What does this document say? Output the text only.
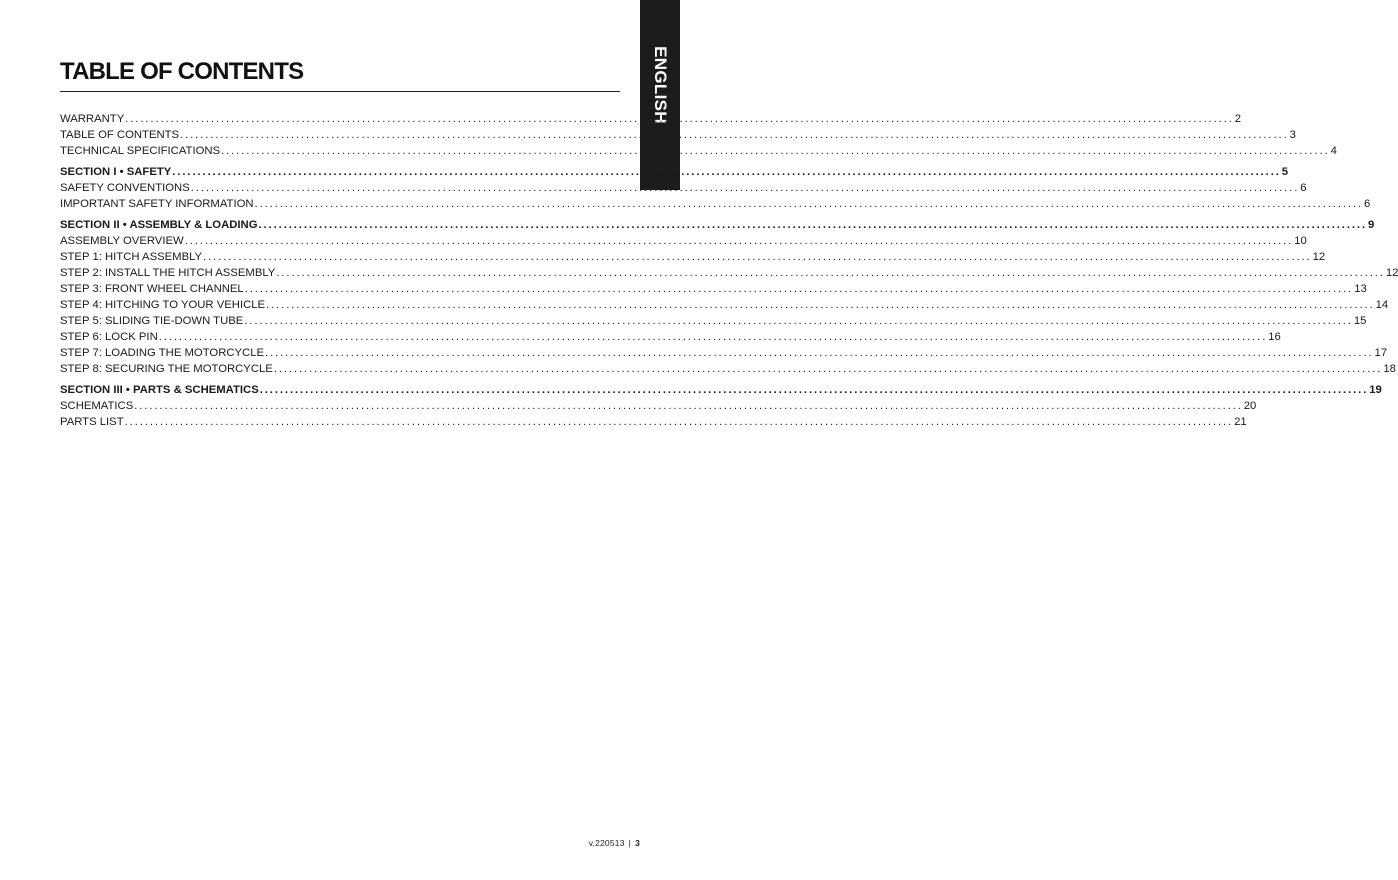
ENGLISH
TABLE OF CONTENTS
WARRANTY ............................................................................................................................................................................................................................ 2
TABLE OF CONTENTS ............................................................................................................................................................................................................................ 3
TECHNICAL SPECIFICATIONS ............................................................................................................................................................................................................................ 4
SECTION I • SAFETY ............................................................................................................................................................................................................................ 5
SAFETY CONVENTIONS ............................................................................................................................................................................................................................ 6
IMPORTANT SAFETY INFORMATION ............................................................................................................................................................................................................................ 6
SECTION II • ASSEMBLY & LOADING ............................................................................................................................................................................................................................ 9
ASSEMBLY OVERVIEW ............................................................................................................................................................................................................................ 10
STEP 1: HITCH ASSEMBLY ............................................................................................................................................................................................................................ 12
STEP 2: INSTALL THE HITCH ASSEMBLY ............................................................................................................................................................................................................................ 12
STEP 3: FRONT WHEEL CHANNEL ............................................................................................................................................................................................................................ 13
STEP 4: HITCHING TO YOUR VEHICLE ............................................................................................................................................................................................................................ 14
STEP 5: SLIDING TIE-DOWN TUBE ............................................................................................................................................................................................................................ 15
STEP 6: LOCK PIN ............................................................................................................................................................................................................................ 16
STEP 7: LOADING THE MOTORCYCLE ............................................................................................................................................................................................................................ 17
STEP 8: SECURING THE MOTORCYCLE ............................................................................................................................................................................................................................ 18
SECTION III • PARTS & SCHEMATICS ............................................................................................................................................................................................................................ 19
SCHEMATICS ............................................................................................................................................................................................................................ 20
PARTS LIST ............................................................................................................................................................................................................................ 21
v.220513 | 3
